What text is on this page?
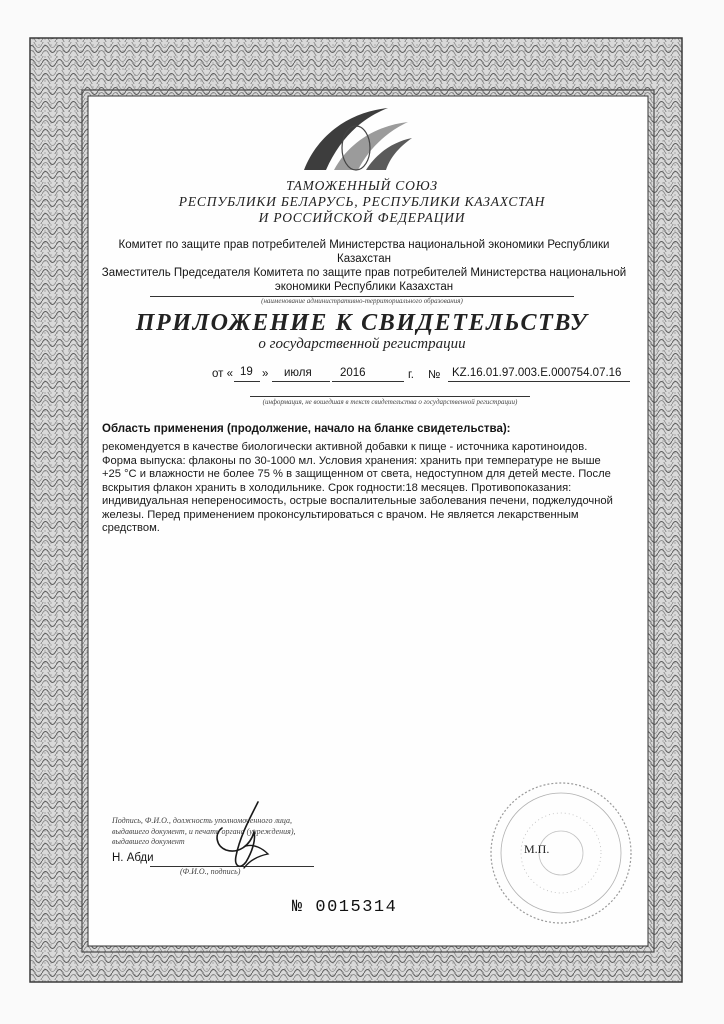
ТАМОЖЕННЫЙ СОЮЗ
РЕСПУБЛИКИ БЕЛАРУСЬ, РЕСПУБЛИКИ КАЗАХСТАН
И РОССИЙСКОЙ ФЕДЕРАЦИИ
Комитет по защите прав потребителей Министерства национальной экономики Республики
Казахстан
Заместитель Председателя Комитета по защите прав потребителей Министерства национальной
экономики Республики Казахстан
(наименование административно-территориального образования)
ПРИЛОЖЕНИЕ К СВИДЕТЕЛЬСТВУ
о государственной регистрации
от « 19 » июля 2016	г. № KZ.16.01.97.003.E.000754.07.16
(информация, не вошедшая в текст свидетельства о государственной регистрации)
Область применения (продолжение, начало на бланке свидетельства):
рекомендуется в качестве биологически активной добавки к пище - источника каротиноидов.
Форма выпуска: флаконы по 30-1000 мл. Условия хранения: хранить при температуре не выше
+25 °С и влажности не более 75 % в защищенном от света, недоступном для детей месте. После
вскрытия флакон хранить в холодильнике. Срок годности:18 месяцев. Противопоказания:
индивидуальная непереносимость, острые воспалительные заболевания печени, поджелудочной
железы. Перед применением проконсультироваться с врачом. Не является лекарственным
средством.
Подпись, Ф.И.О., должность уполномоченного лица,
выдавшего документ, и печать органа (учреждения),
выдавшего документ
Н. Абди
(Ф.И.О., подпись)
М.П.
№ 0015314
